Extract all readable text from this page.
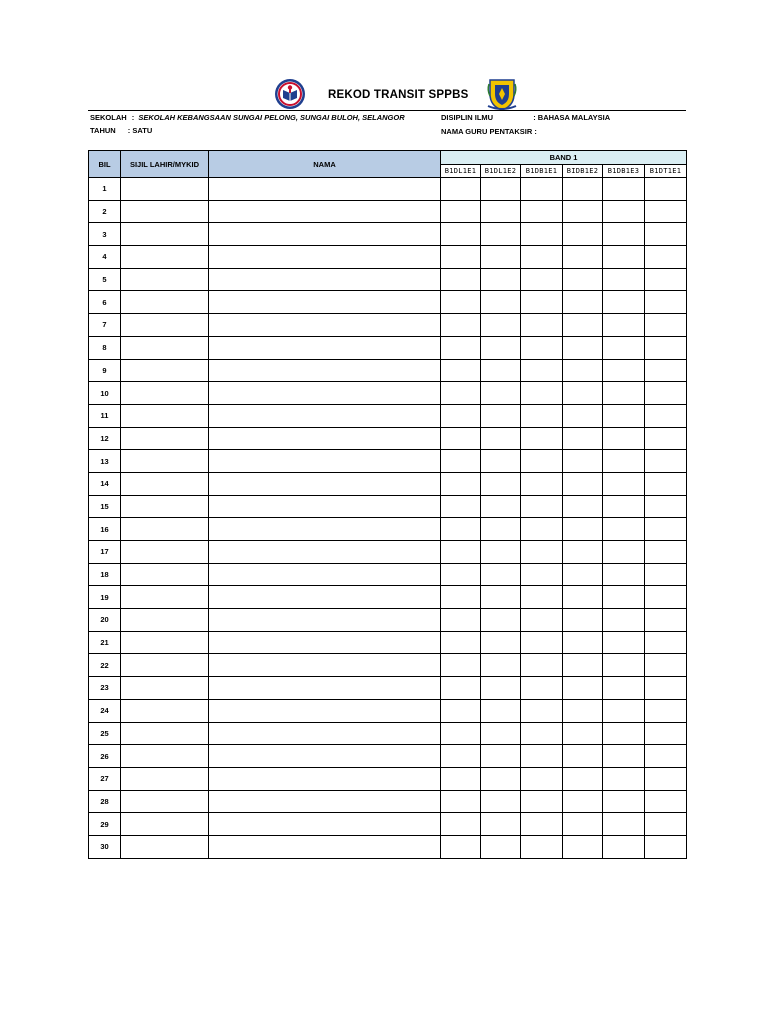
REKOD TRANSIT SPPBS
SEKOLAH : SEKOLAH KEBANGSAAN SUNGAI PELONG, SUNGAI BULOH, SELANGOR
TAHUN : SATU
DISIPLIN ILMU	: BAHASA MALAYSIA
NAMA GURU PENTAKSIR :
BIL	SIJIL LAHIR/MYKID	NAMA	BAND 1					
			B1DL1E1	B1DL1E2	B1DB1E1	BIDB1E2	B1DB1E3	B1DT1E1
1								
2								
3								
4								
5								
6								
7								
8								
9								
10								
11								
12								
13								
14								
15								
16								
17								
18								
19								
20								
21								
22								
23								
24								
25								
26								
27								
28								
29								
30								
